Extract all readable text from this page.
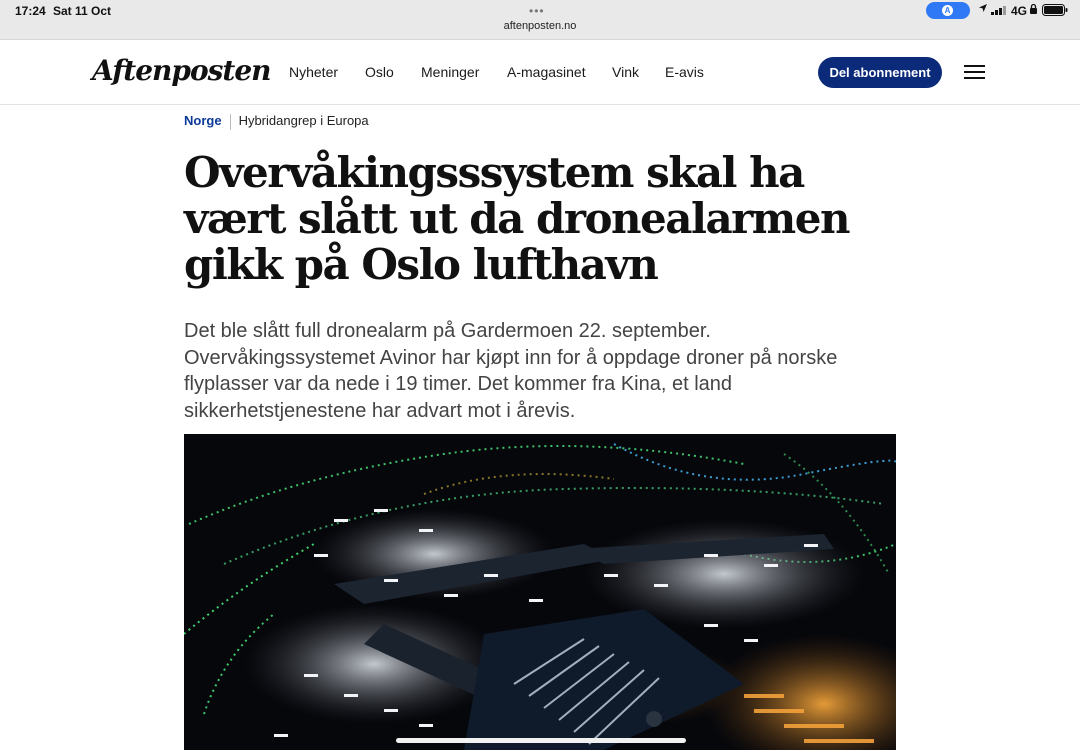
17:24 Sat 11 Oct	•••
aftenposten.no
A	4G
Aftenposten Nyheter Oslo Meninger A-magasinet Vink E-avis	Del abonnement
Norge Hybridangrep i Europa
Overvåkingsssystem skal ha vært slått ut da dronealarmen gikk på Oslo lufthavn

Det ble slått full dronealarm på Gardermoen 22. september. Overvåkingssystemet Avinor har kjøpt inn for å oppdage droner på norske flyplasser var da nede i 19 timer. Det kommer fra Kina, et land sikkerhetstjenestene har advart mot i årevis.
